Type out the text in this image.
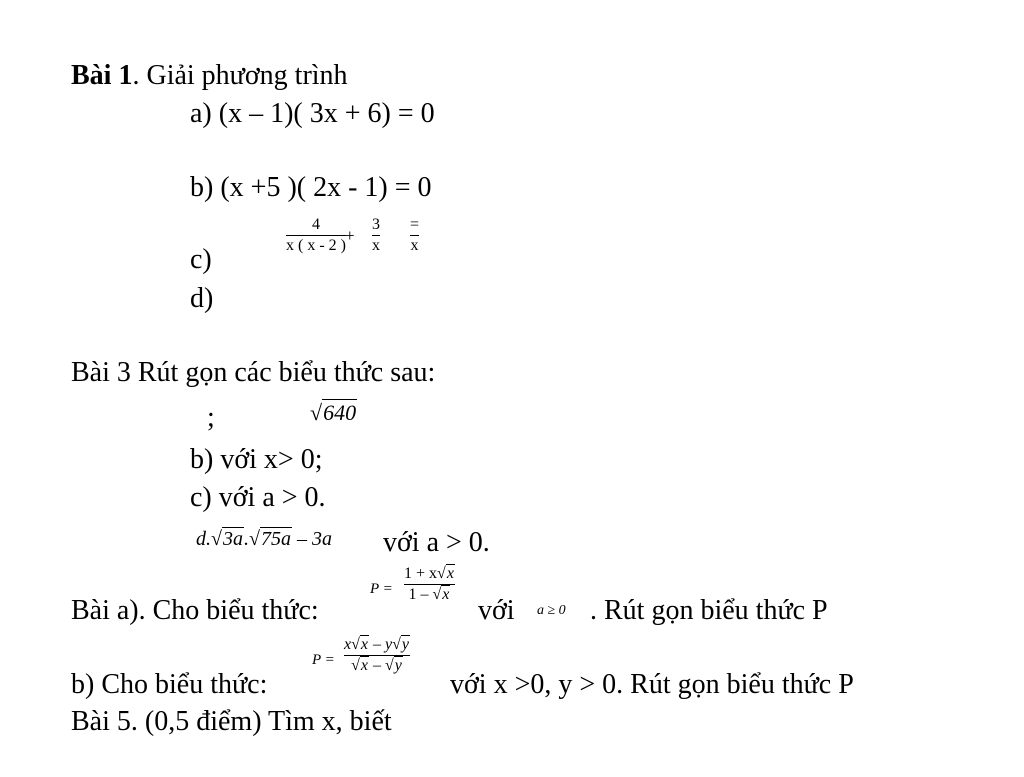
Bài 1. Giải phương trình
a) (x – 1)( 3x + 6) = 0
b) (x +5 )( 2x - 1) = 0
c)
4
x ( x - 2 )
+
3
x
=
x
d)
Bài 3 Rút gọn các biểu thức sau:
;	√640
b) với x> 0;
c) với a > 0.
d.√3a.√75a – 3a với a > 0.
Bài a). Cho biểu thức:
P =
1 + x√x
1 – √x
với a ≥ 0 . Rút gọn biểu thức P
b) Cho biểu thức:
P =
x√x – y√y
√x – √y
với x >0, y > 0. Rút gọn biểu thức P
Bài 5. (0,5 điểm) Tìm x, biết
